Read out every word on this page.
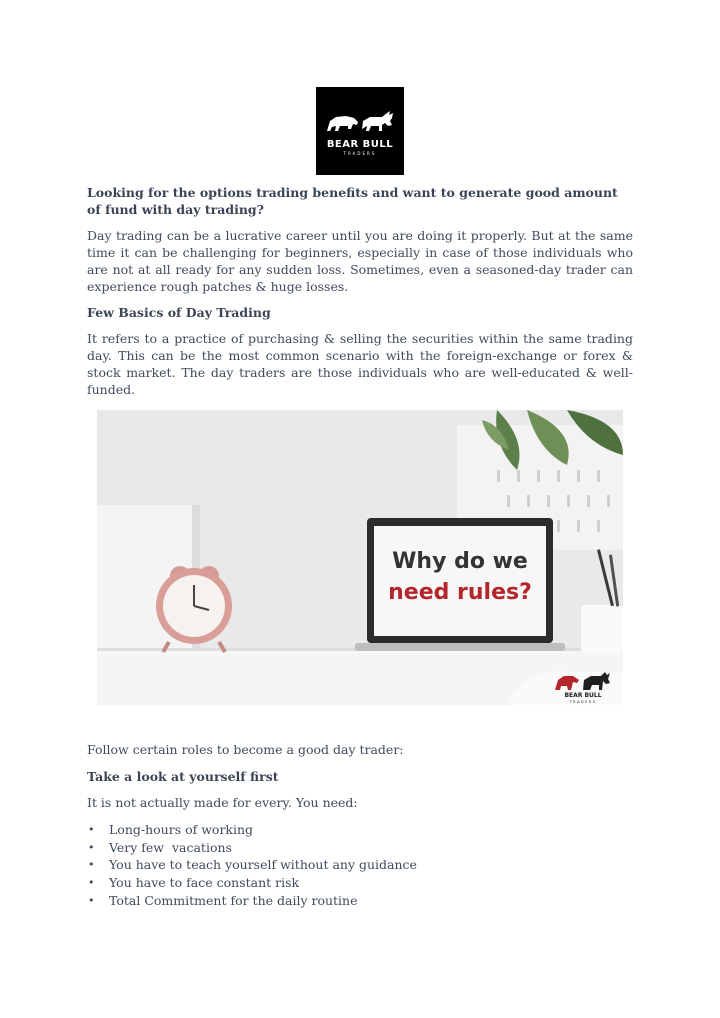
BEAR BULL
TRADERS

Looking for the options trading benefits and want to generate good amount of fund with day trading?

Day trading can be a lucrative career until you are doing it properly. But at the same time it can be challenging for beginners, especially in case of those individuals who are not at all ready for any sudden loss. Sometimes, even a seasoned-day trader can experience rough patches & huge losses.

Few Basics of Day Trading

It refers to a practice of purchasing & selling the securities within the same trading day. This can be the most common scenario with the foreign-exchange or forex & stock market. The day traders are those individuals who are well-educated & well-funded.

Why do we
need rules?
BEAR BULL
TRADERS

Follow certain roles to become a good day trader:

Take a look at yourself first

It is not actually made for every. You need:

• Long-hours of working
• Very few  vacations
• You have to teach yourself without any guidance
• You have to face constant risk
• Total Commitment for the daily routine
